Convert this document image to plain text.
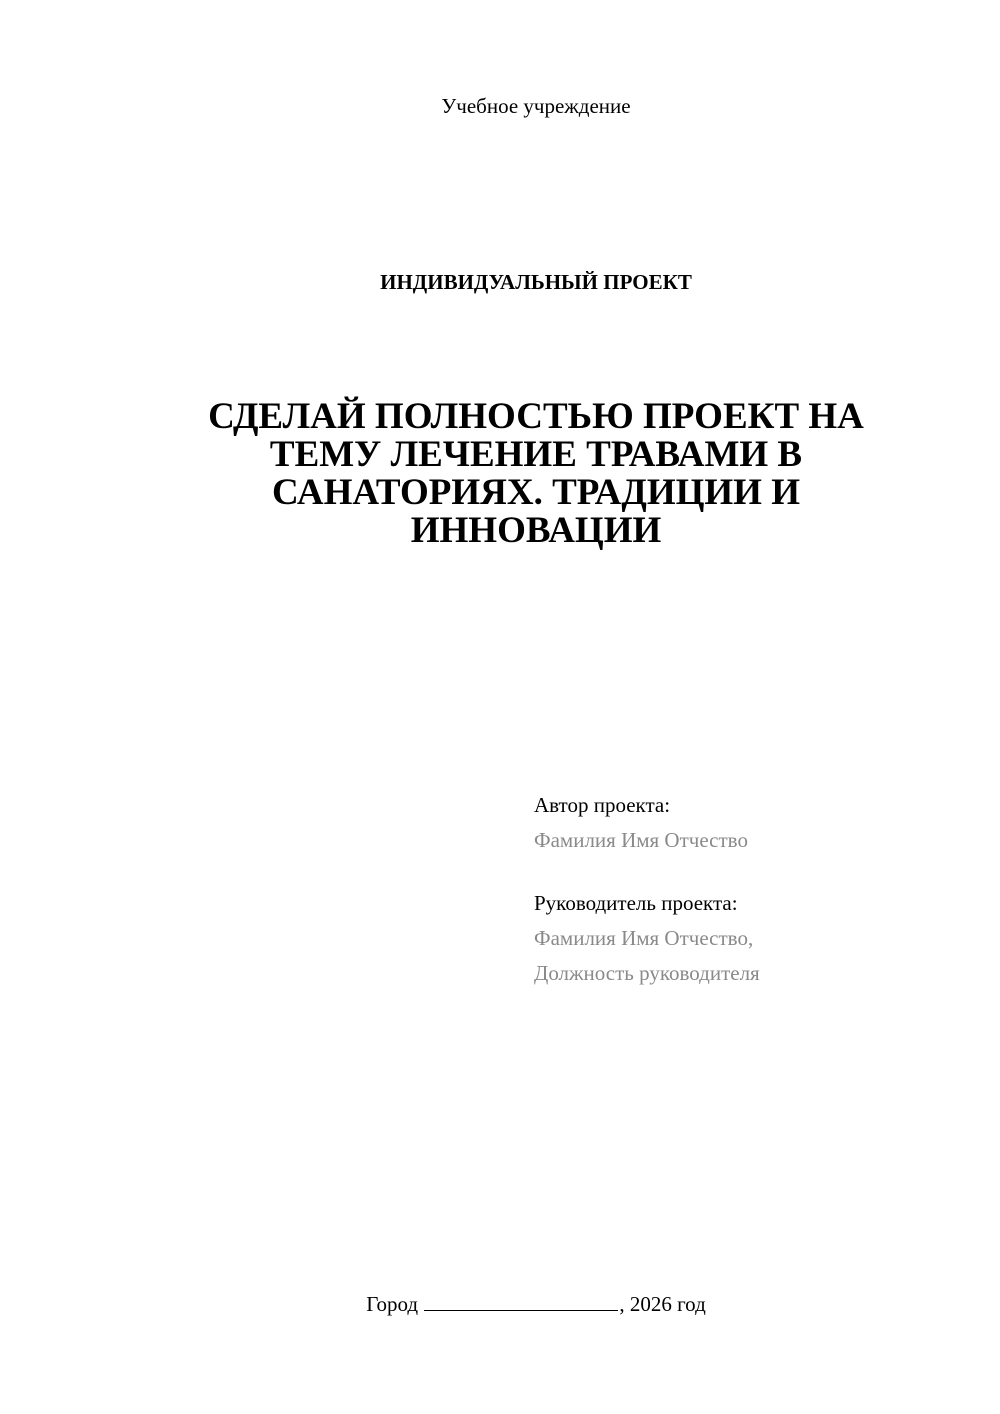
Учебное учреждение
ИНДИВИДУАЛЬНЫЙ ПРОЕКТ
СДЕЛАЙ ПОЛНОСТЬЮ ПРОЕКТ НА
ТЕМУ ЛЕЧЕНИЕ ТРАВАМИ В
САНАТОРИЯХ. ТРАДИЦИИ И
ИННОВАЦИИ
Автор проекта:
Фамилия Имя Отчество
Руководитель проекта:
Фамилия Имя Отчество,
Должность руководителя
Город	, 2026 год
